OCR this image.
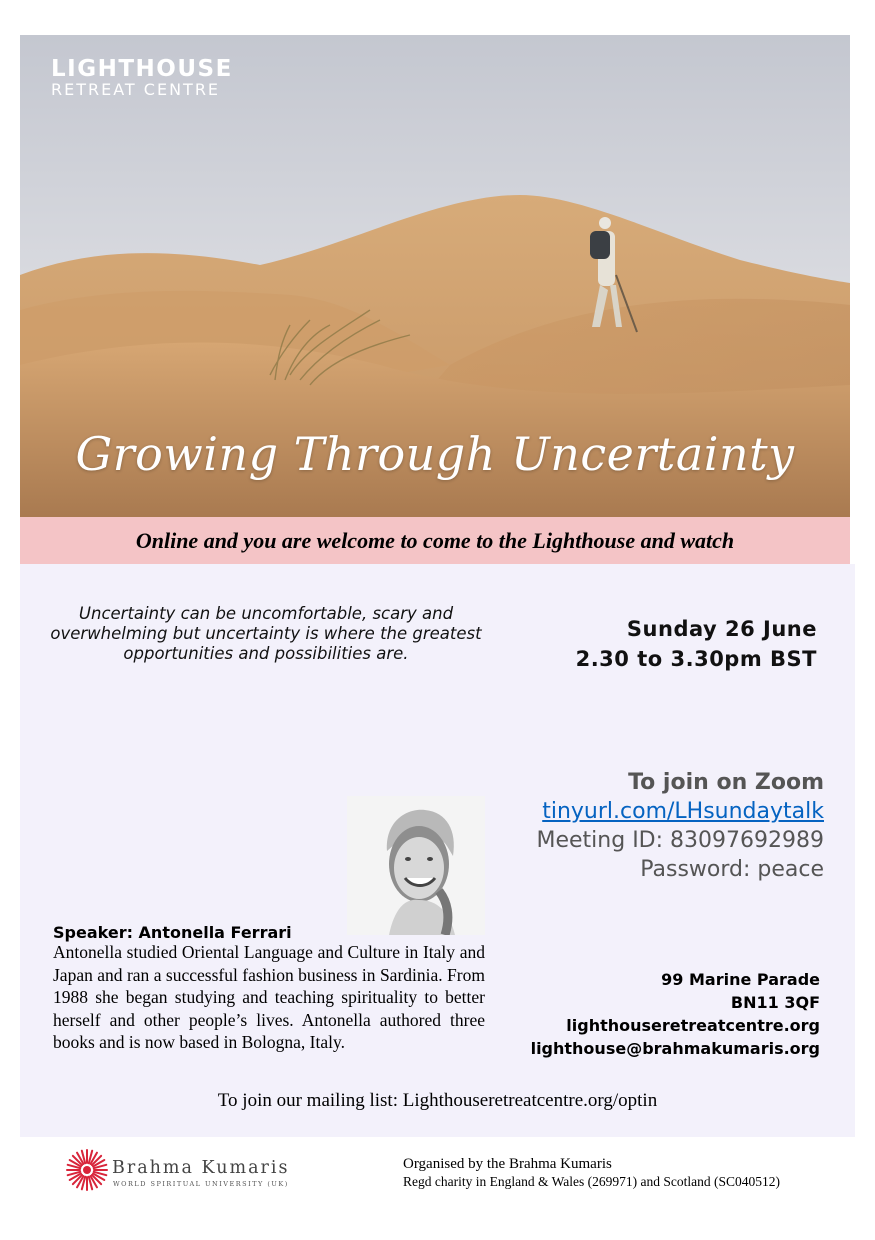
LIGHTHOUSE
RETREAT CENTRE
Growing Through Uncertainty
Online and you are welcome to come to the Lighthouse and watch
Uncertainty can be uncomfortable, scary and overwhelming but uncertainty is where the greatest opportunities and possibilities are.
Sunday 26 June
2.30 to 3.30pm BST
To join on Zoom
tinyurl.com/LHsundaytalk
Meeting ID: 83097692989
Password: peace
Speaker: Antonella Ferrari
Antonella studied Oriental Language and Culture in Italy and Japan and ran a successful fashion business in Sardinia. From 1988 she began studying and teaching spirituality to better herself and other people’s lives. Antonella authored three books and is now based in Bologna, Italy.
99 Marine Parade
BN11 3QF
lighthouseretreatcentre.org
lighthouse@brahmakumaris.org
To join our mailing list: Lighthouseretreatcentre.org/optin
Brahma Kumaris
WORLD SPIRITUAL UNIVERSITY (UK)
Organised by the Brahma Kumaris
Regd charity in England & Wales (269971) and Scotland (SC040512)
